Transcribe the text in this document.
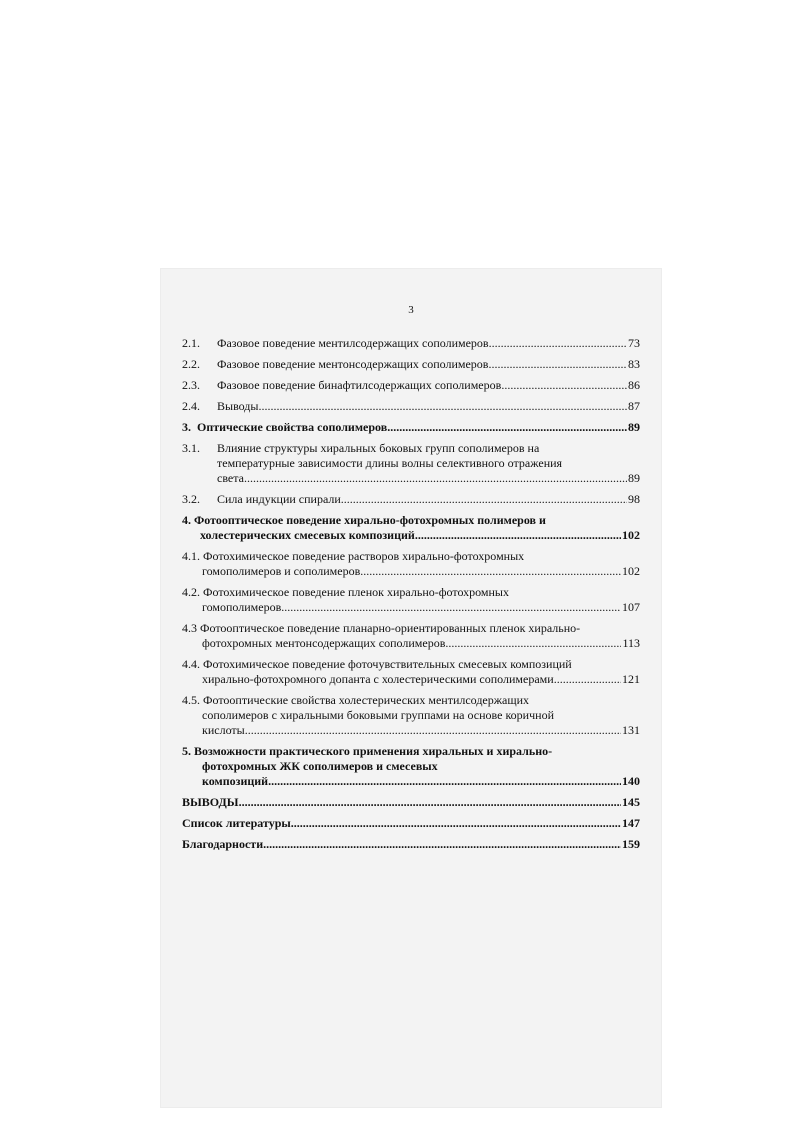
3
2.1.	Фазовое поведение ментилсодержащих сополимеров .....	73
2.2.	Фазовое поведение ментонсодержащих сополимеров .....	83
2.3.	Фазовое поведение бинафтилсодержащих сополимеров .....	86
2.4.	Выводы .....	87
3. Оптические свойства сополимеров .....	89
3.1.	Влияние структуры хиральных боковых групп сополимеров на
температурные зависимости длины волны селективного отражения
света .....	89
3.2.	Сила индукции спирали .....	98
4. Фотооптическое поведение хирально-фотохромных полимеров и
холестерических смесевых композиций .....	102
4.1. Фотохимическое поведение растворов хирально-фотохромных
гомополимеров и сополимеров .....	102
4.2. Фотохимическое поведение пленок хирально-фотохромных
гомополимеров .....	107
4.3 Фотооптическое поведение планарно-ориентированных пленок хирально-
фотохромных ментонсодержащих сополимеров .....	113
4.4. Фотохимическое поведение фоточувствительных смесевых композиций
хирально-фотохромного допанта с холестерическими сополимерами .....	121
4.5. Фотооптические свойства холестерических ментилсодержащих
сополимеров с хиральными боковыми группами на основе коричной
кислоты .....	131
5. Возможности практического применения хиральных и хирально-
фотохромных ЖК сополимеров и смесевых
композиций .....	140
ВЫВОДЫ .....	145
Список литературы .....	147
Благодарности .....	159
